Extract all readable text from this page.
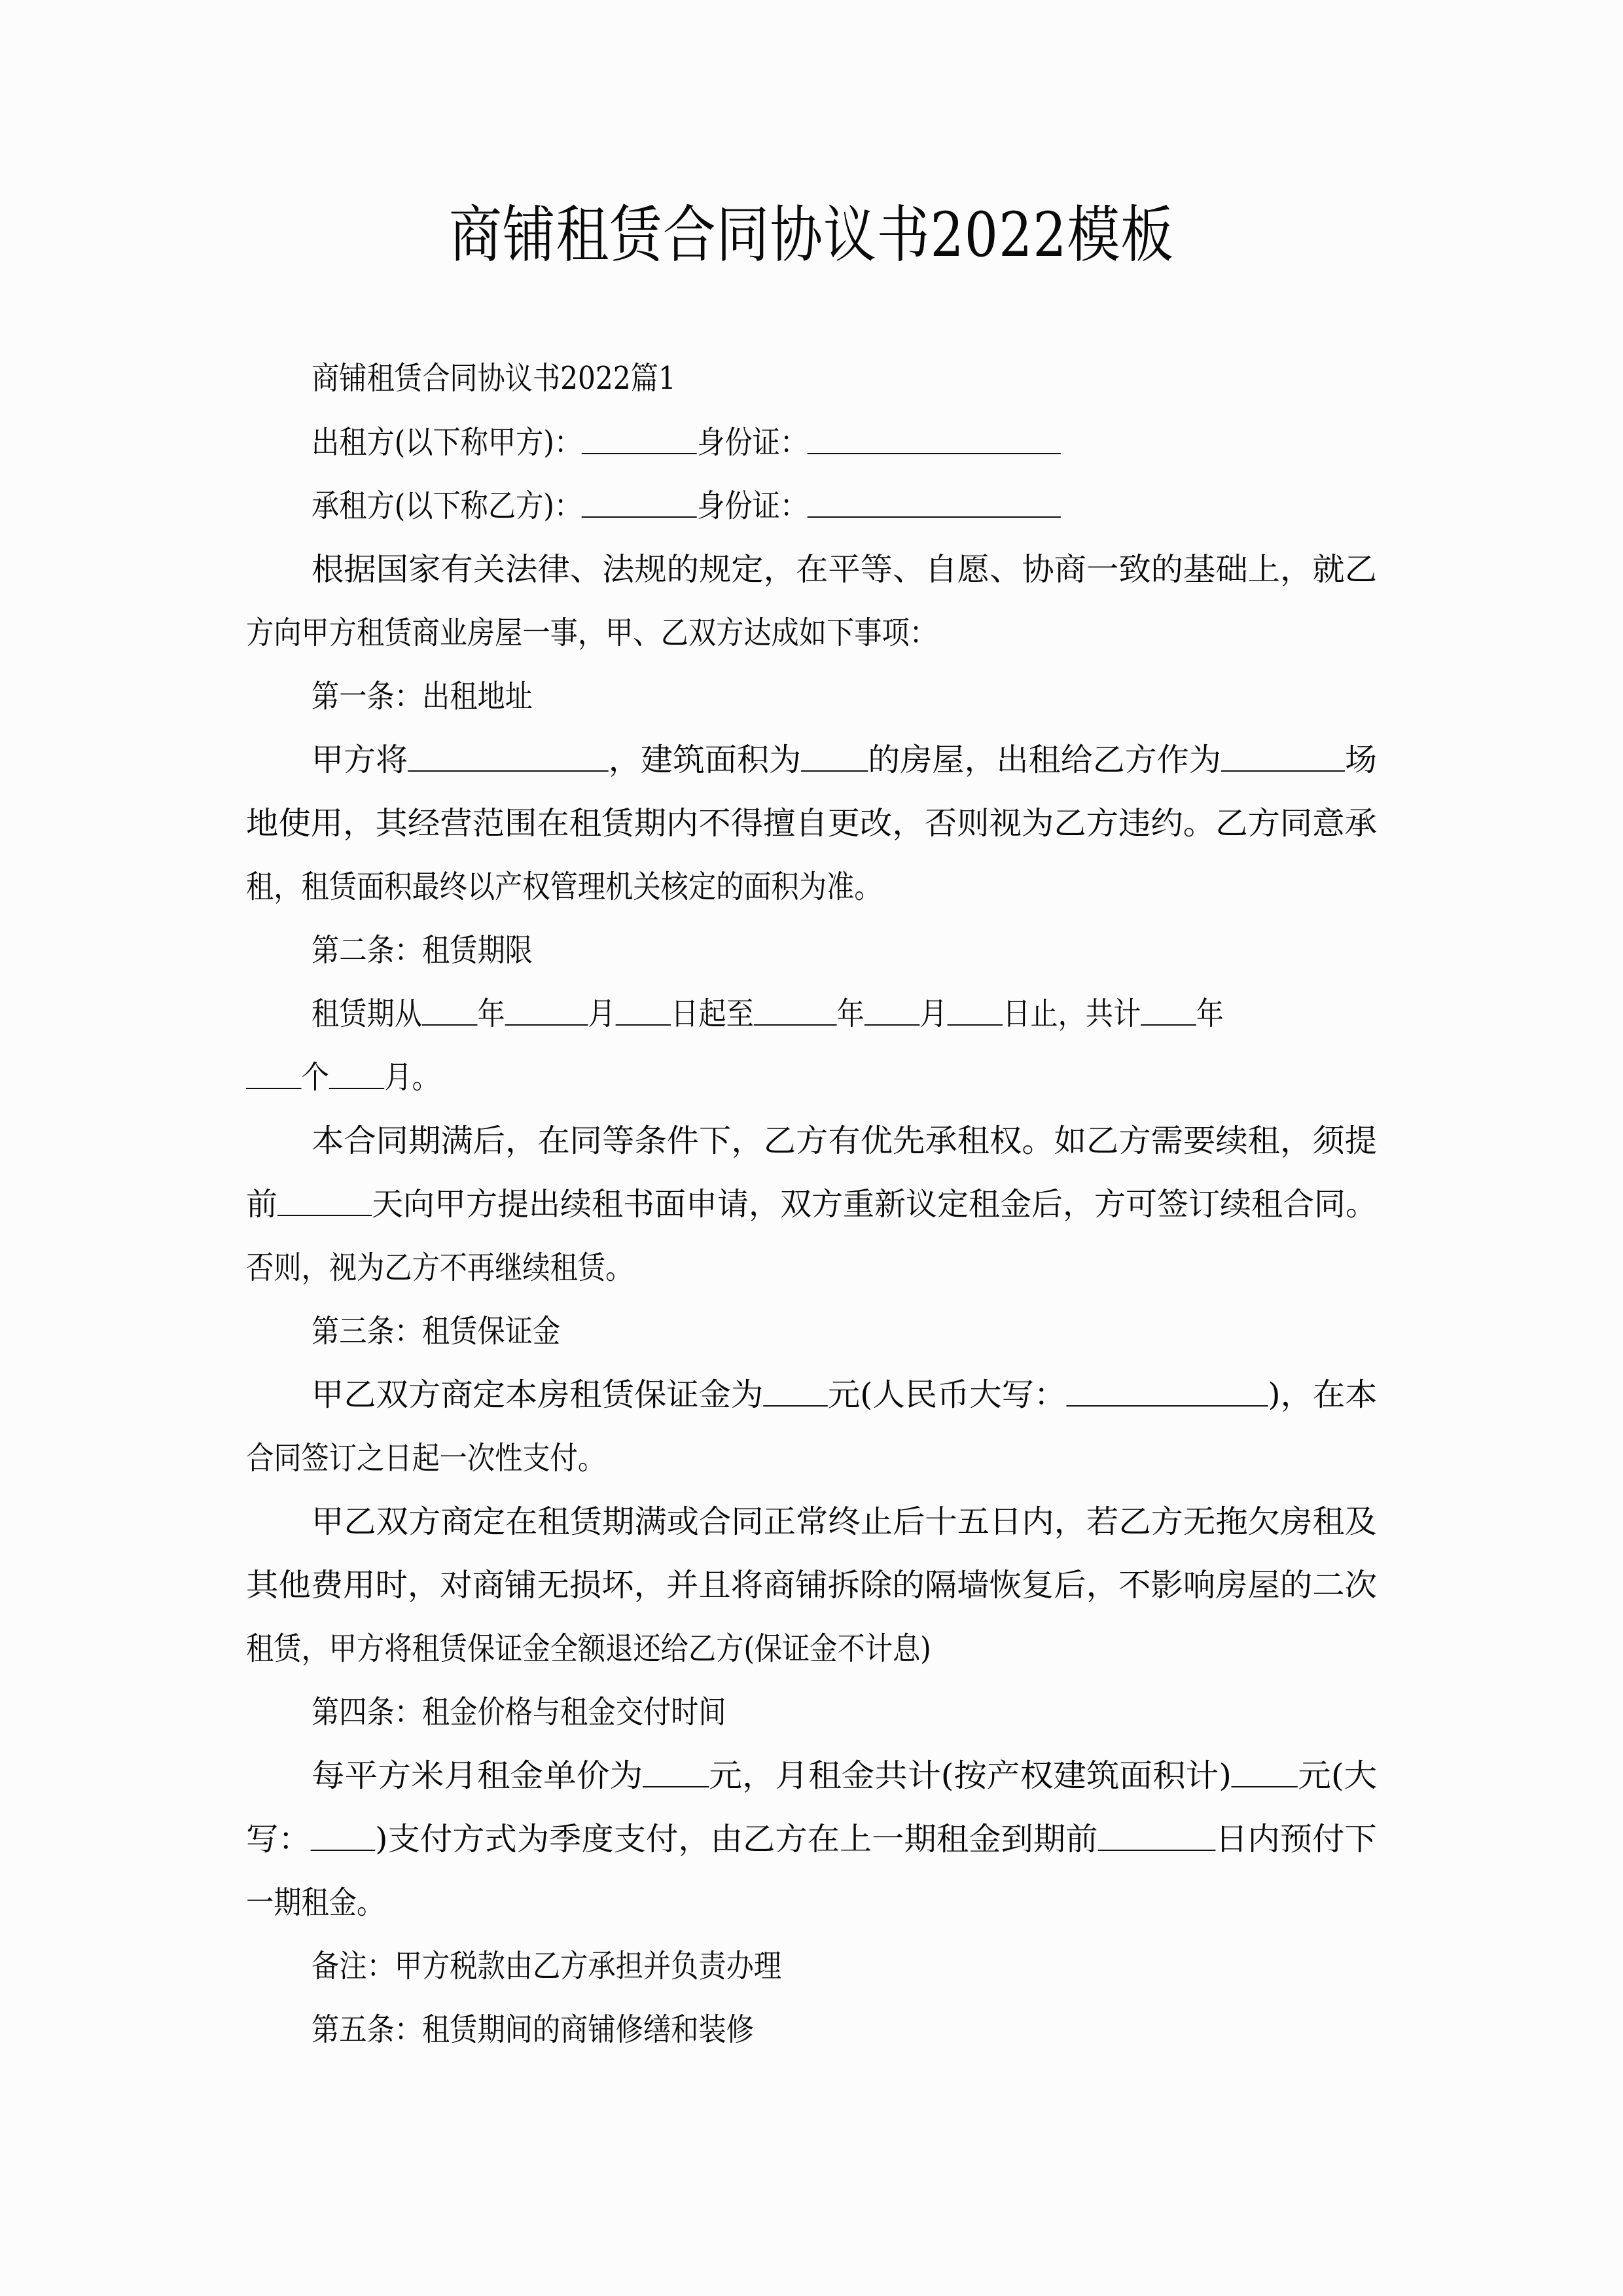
商铺租赁合同协议书2022模板
商铺租赁合同协议书2022篇1
出租方(以下称甲方)：	身份证：
承租方(以下称乙方)：	身份证：
根据国家有关法律、法规的规定，在平等、自愿、协商一致的基础上，就乙
方向甲方租赁商业房屋一事，甲、乙双方达成如下事项：
第一条：出租地址
甲方将	，建筑面积为 的房屋，出租给乙方作为	场
地使用，其经营范围在租赁期内不得擅自更改，否则视为乙方违约。乙方同意承
租，租赁面积最终以产权管理机关核定的面积为准。
第二条：租赁期限
租赁期从 年	月 日起至	年 月 日止，共计 年
个 月。
本合同期满后，在同等条件下，乙方有优先承租权。如乙方需要续租，须提
前	天向甲方提出续租书面申请，双方重新议定租金后，方可签订续租合同。
否则，视为乙方不再继续租赁。
第三条：租赁保证金
甲乙双方商定本房租赁保证金为 元(人民币大写：	)，在本
合同签订之日起一次性支付。
甲乙双方商定在租赁期满或合同正常终止后十五日内，若乙方无拖欠房租及
其他费用时，对商铺无损坏，并且将商铺拆除的隔墙恢复后，不影响房屋的二次
租赁，甲方将租赁保证金全额退还给乙方(保证金不计息)
第四条：租金价格与租金交付时间
每平方米月租金单价为 元，月租金共计(按产权建筑面积计) 元(大
写： )支付方式为季度支付，由乙方在上一期租金到期前	日内预付下
一期租金。
备注：甲方税款由乙方承担并负责办理
第五条：租赁期间的商铺修缮和装修
